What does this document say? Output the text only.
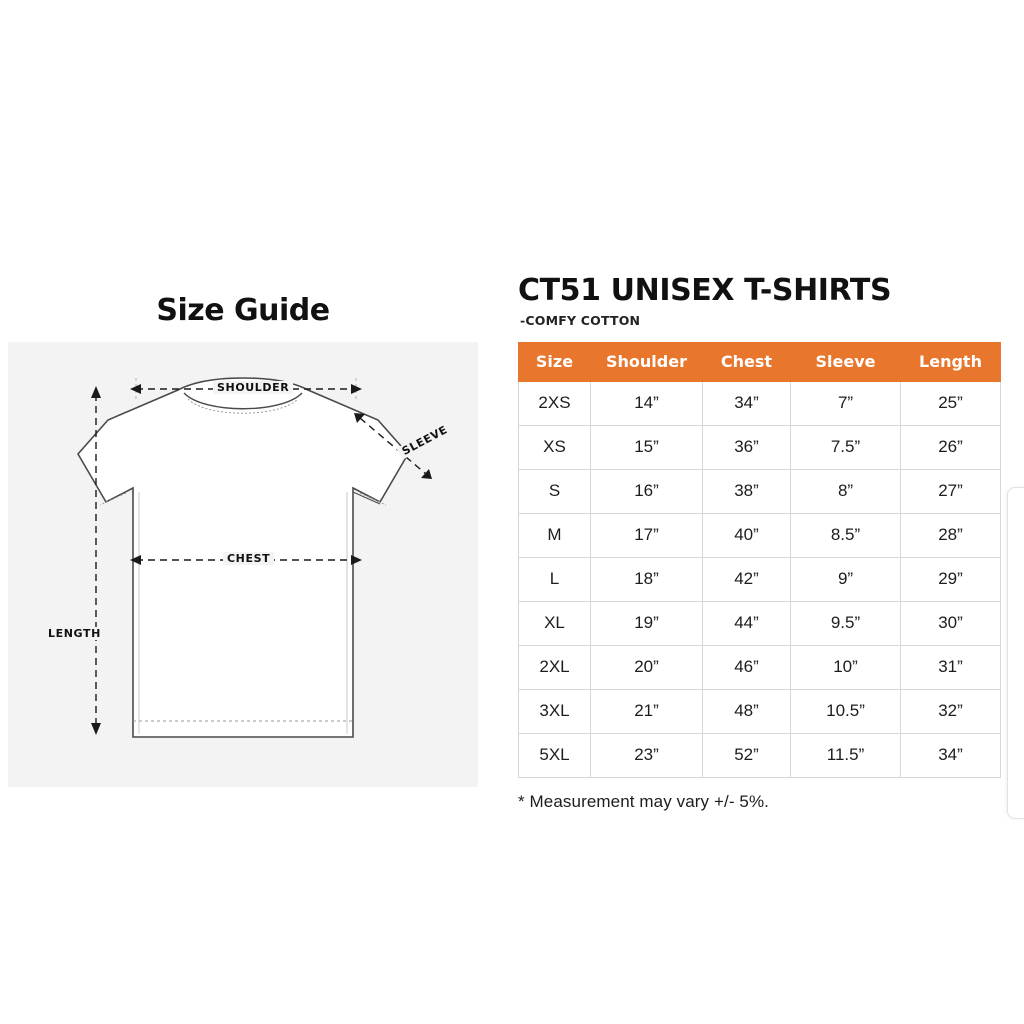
Size Guide
SHOULDER
CHEST
SLEEVE
LENGTH
CT51 UNISEX T-SHIRTS
-COMFY COTTON
Size	Shoulder	Chest	Sleeve	Length
2XS	14”	34”	7”	25”
XS	15”	36”	7.5”	26”
S	16”	38”	8”	27”
M	17”	40”	8.5”	28”
L	18”	42”	9”	29”
XL	19”	44”	9.5”	30”
2XL	20”	46”	10”	31”
3XL	21”	48”	10.5”	32”
5XL	23”	52”	11.5”	34”
* Measurement may vary +/- 5%.
